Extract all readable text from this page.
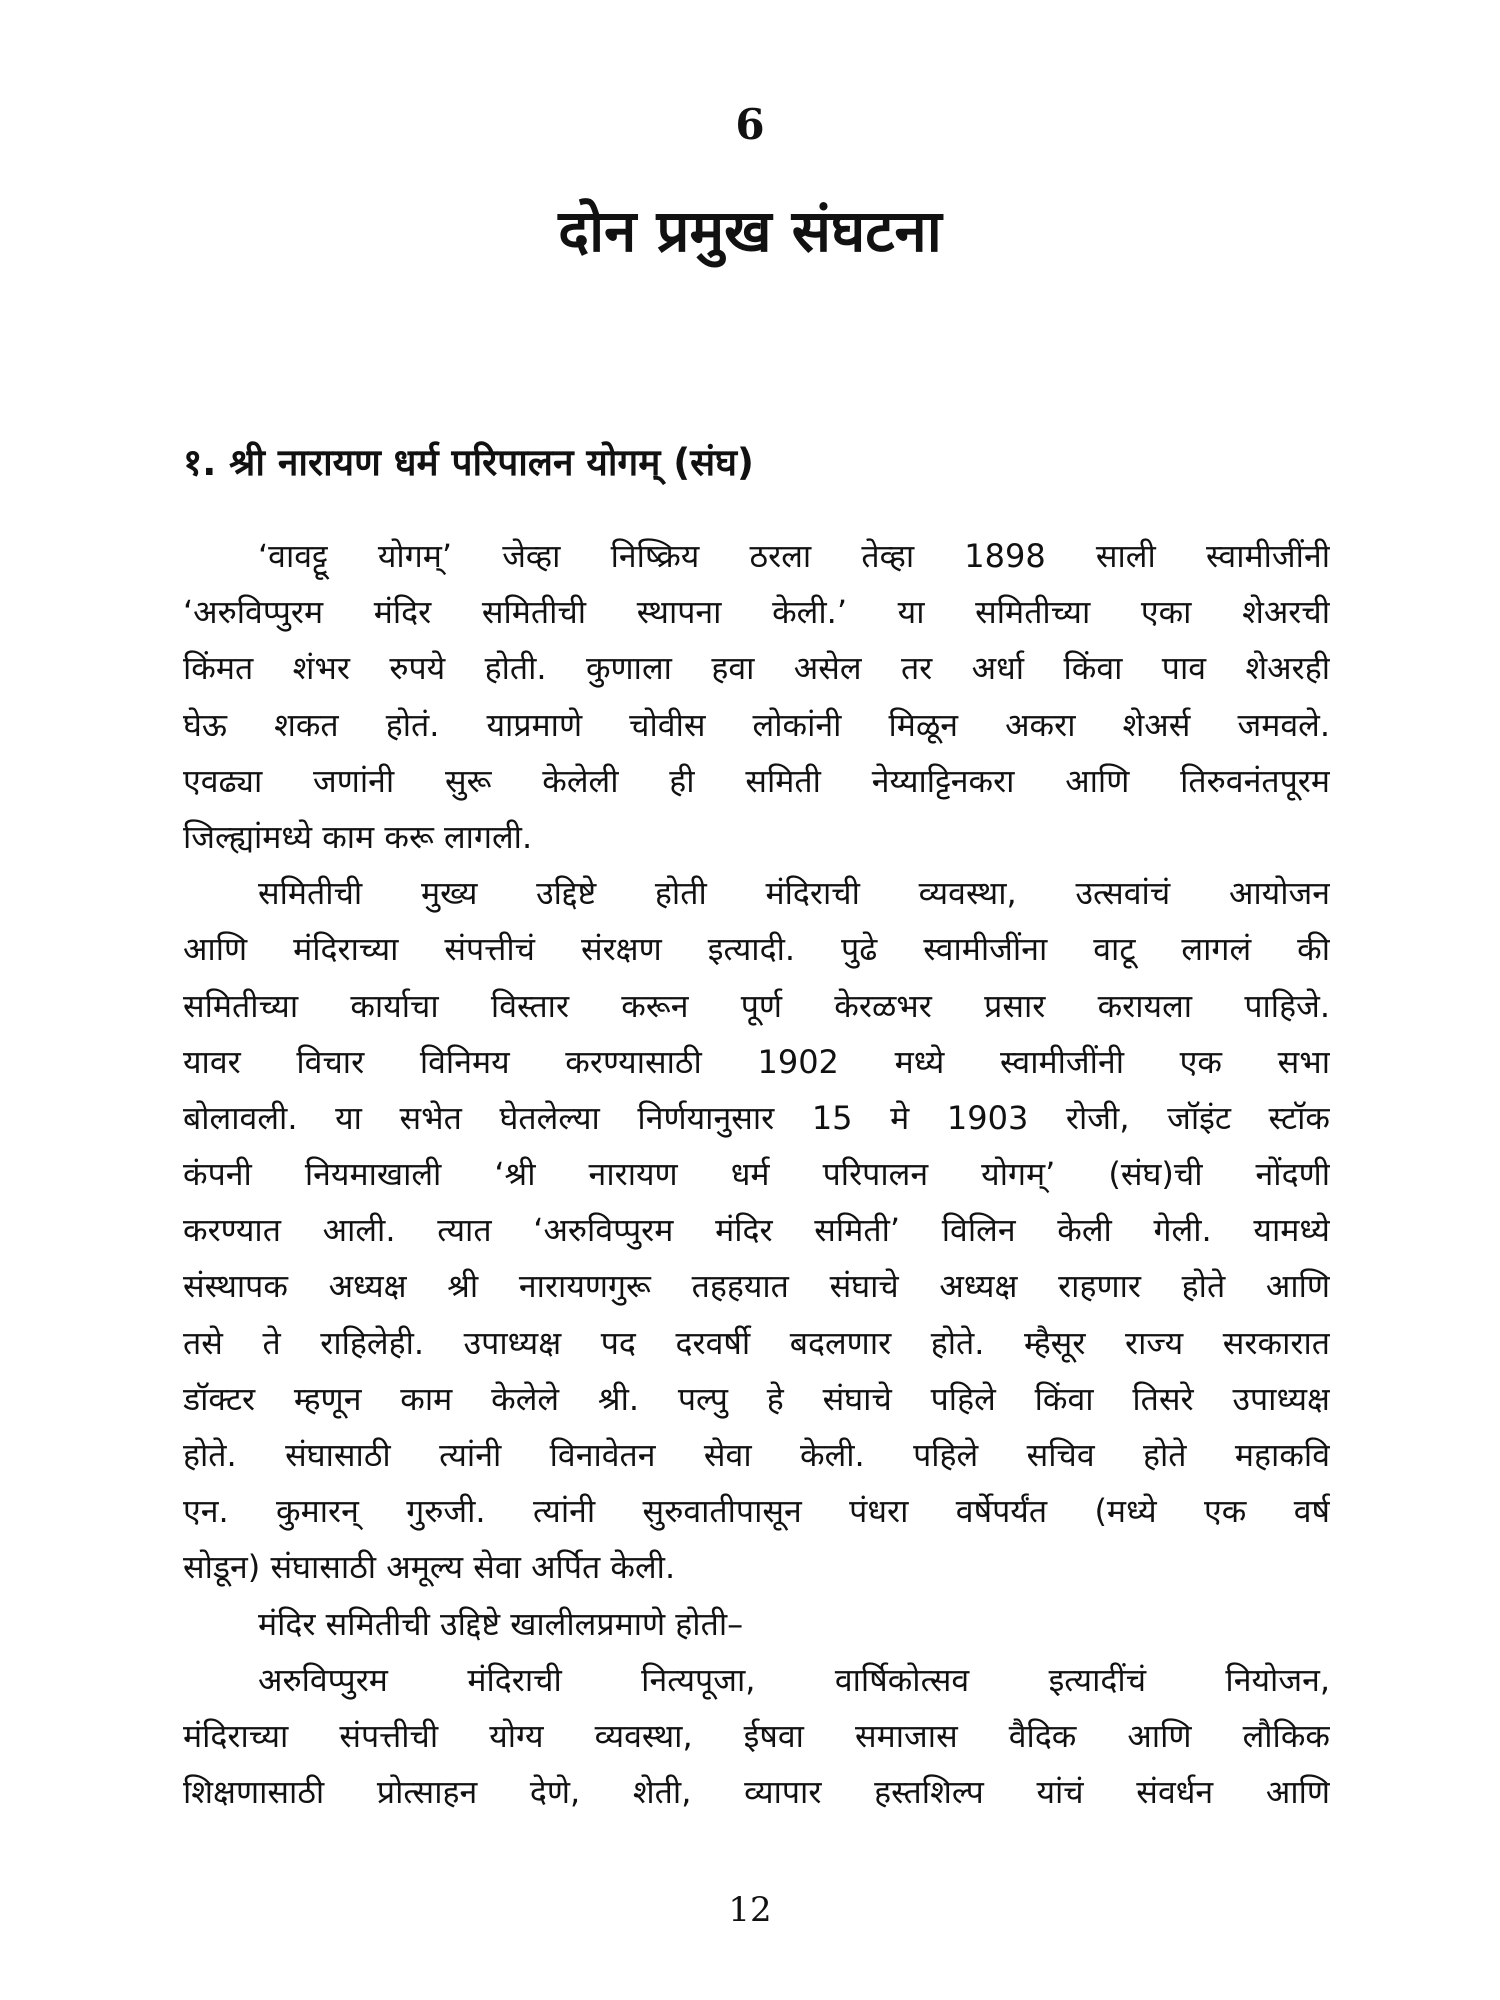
6
दोन प्रमुख संघटना
१. श्री नारायण धर्म परिपालन योगम् (संघ)
‘वावट्टू योगम्’ जेव्हा निष्क्रिय ठरला तेव्हा 1898 साली स्वामीजींनी
‘अरुविप्पुरम मंदिर समितीची स्थापना केली.’ या समितीच्या एका शेअरची
किंमत शंभर रुपये होती. कुणाला हवा असेल तर अर्धा किंवा पाव शेअरही
घेऊ शकत होतं. याप्रमाणे चोवीस लोकांनी मिळून अकरा शेअर्स जमवले.
एवढ्या जणांनी सुरू केलेली ही समिती नेय्याट्टिनकरा आणि तिरुवनंतपूरम
जिल्ह्यांमध्ये काम करू लागली.
समितीची मुख्य उद्दिष्टे होती मंदिराची व्यवस्था, उत्सवांचं आयोजन
आणि मंदिराच्या संपत्तीचं संरक्षण इत्यादी. पुढे स्वामीजींना वाटू लागलं की
समितीच्या कार्याचा विस्तार करून पूर्ण केरळभर प्रसार करायला पाहिजे.
यावर विचार विनिमय करण्यासाठी 1902 मध्ये स्वामीजींनी एक सभा
बोलावली. या सभेत घेतलेल्या निर्णयानुसार 15 मे 1903 रोजी, जॉइंट स्टॉक
कंपनी नियमाखाली ‘श्री नारायण धर्म परिपालन योगम्’ (संघ)ची नोंदणी
करण्यात आली. त्यात ‘अरुविप्पुरम मंदिर समिती’ विलिन केली गेली. यामध्ये
संस्थापक अध्यक्ष श्री नारायणगुरू तहहयात संघाचे अध्यक्ष राहणार होते आणि
तसे ते राहिलेही. उपाध्यक्ष पद दरवर्षी बदलणार होते. म्हैसूर राज्य सरकारात
डॉक्टर म्हणून काम केलेले श्री. पल्पु हे संघाचे पहिले किंवा तिसरे उपाध्यक्ष
होते. संघासाठी त्यांनी विनावेतन सेवा केली. पहिले सचिव होते महाकवि
एन. कुमारन् गुरुजी. त्यांनी सुरुवातीपासून पंधरा वर्षेपर्यंत (मध्ये एक वर्ष
सोडून) संघासाठी अमूल्य सेवा अर्पित केली.
मंदिर समितीची उद्दिष्टे खालीलप्रमाणे होती–
अरुविप्पुरम मंदिराची नित्यपूजा, वार्षिकोत्सव इत्यादींचं नियोजन,
मंदिराच्या संपत्तीची योग्य व्यवस्था, ईषवा समाजास वैदिक आणि लौकिक
शिक्षणासाठी प्रोत्साहन देणे, शेती, व्यापार हस्तशिल्प यांचं संवर्धन आणि
12
